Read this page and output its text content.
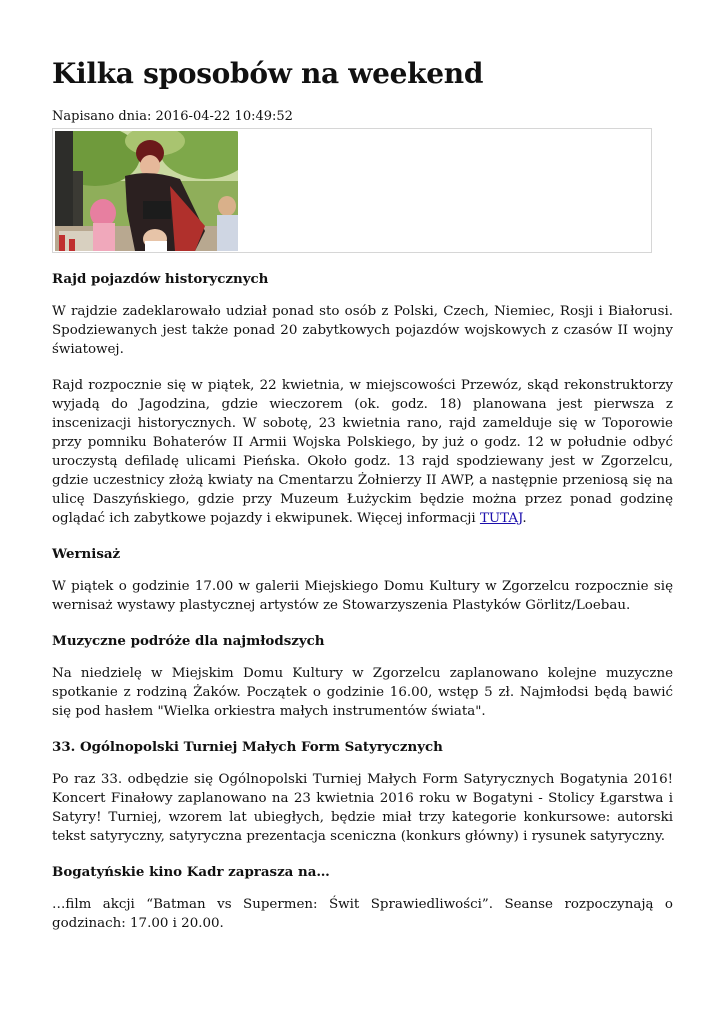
Kilka sposobów na weekend
Napisano dnia: 2016-04-22 10:49:52
Rajd pojazdów historycznych

W rajdzie zadeklarowało udział ponad sto osób z Polski, Czech, Niemiec, Rosji i Białorusi. Spodziewanych jest także ponad 20 zabytkowych pojazdów wojskowych z czasów II wojny światowej.

Rajd rozpocznie się w piątek, 22 kwietnia, w miejscowości Przewóz, skąd rekonstruktorzy wyjadą do Jagodzina, gdzie wieczorem (ok. godz. 18) planowana jest pierwsza z inscenizacji historycznych. W sobotę, 23 kwietnia rano, rajd zamelduje się w Toporowie przy pomniku Bohaterów II Armii Wojska Polskiego, by już o godz. 12 w południe odbyć uroczystą defiladę ulicami Pieńska. Około godz. 13 rajd spodziewany jest w Zgorzelcu, gdzie uczestnicy złożą kwiaty na Cmentarzu Żołnierzy II AWP, a następnie przeniosą się na ulicę Daszyńskiego, gdzie przy Muzeum Łużyckim będzie można przez ponad godzinę oglądać ich zabytkowe pojazdy i ekwipunek. Więcej informacji TUTAJ.

Wernisaż

W piątek o godzinie 17.00 w galerii Miejskiego Domu Kultury w Zgorzelcu rozpocznie się wernisaż wystawy plastycznej artystów ze Stowarzyszenia Plastyków Görlitz/Loebau.

Muzyczne podróże dla najmłodszych

Na niedzielę w Miejskim Domu Kultury w Zgorzelcu zaplanowano kolejne muzyczne spotkanie z rodziną Żaków. Początek o godzinie 16.00, wstęp 5 zł. Najmłodsi będą bawić się pod hasłem "Wielka orkiestra małych instrumentów świata".

33. Ogólnopolski Turniej Małych Form Satyrycznych

Po raz 33. odbędzie się Ogólnopolski Turniej Małych Form Satyrycznych Bogatynia 2016! Koncert Finałowy zaplanowano na 23 kwietnia 2016 roku w Bogatyni - Stolicy Łgarstwa i Satyry! Turniej, wzorem lat ubiegłych, będzie miał trzy kategorie konkursowe: autorski tekst satyryczny, satyryczna prezentacja sceniczna (konkurs główny) i rysunek satyryczny.

Bogatyńskie kino Kadr zaprasza na…

…film akcji “Batman vs Supermen: Świt Sprawiedliwości”. Seanse rozpoczynają o godzinach: 17.00 i 20.00.
